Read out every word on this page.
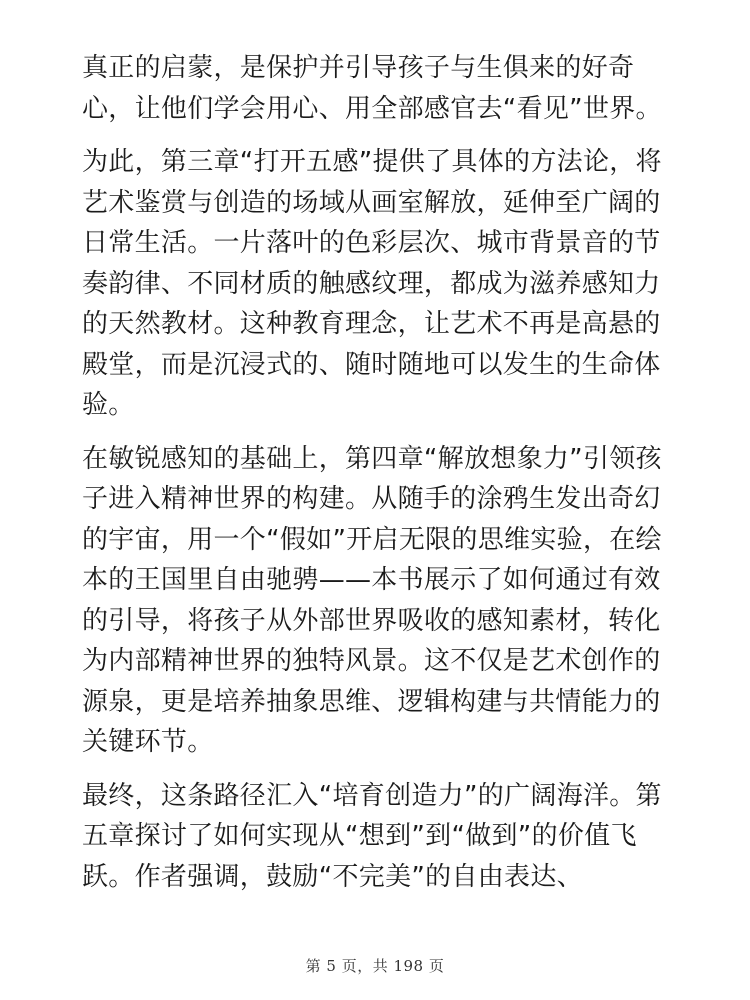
真正的启蒙，是保护并引导孩子与生俱来的好奇心，让他们学会用心、用全部感官去“看见”世界。

为此，第三章“打开五感”提供了具体的方法论，将艺术鉴赏与创造的场域从画室解放，延伸至广阔的日常生活。一片落叶的色彩层次、城市背景音的节奏韵律、不同材质的触感纹理，都成为滋养感知力的天然教材。这种教育理念，让艺术不再是高悬的殿堂，而是沉浸式的、随时随地可以发生的生命体验。

在敏锐感知的基础上，第四章“解放想象力”引领孩子进入精神世界的构建。从随手的涂鸦生发出奇幻的宇宙，用一个“假如”开启无限的思维实验，在绘本的王国里自由驰骋——本书展示了如何通过有效的引导，将孩子从外部世界吸收的感知素材，转化为内部精神世界的独特风景。这不仅是艺术创作的源泉，更是培养抽象思维、逻辑构建与共情能力的关键环节。

最终，这条路径汇入“培育创造力”的广阔海洋。第五章探讨了如何实现从“想到”到“做到”的价值飞跃。作者强调，鼓励“不完美”的自由表达、

第 5 页，共 198 页
